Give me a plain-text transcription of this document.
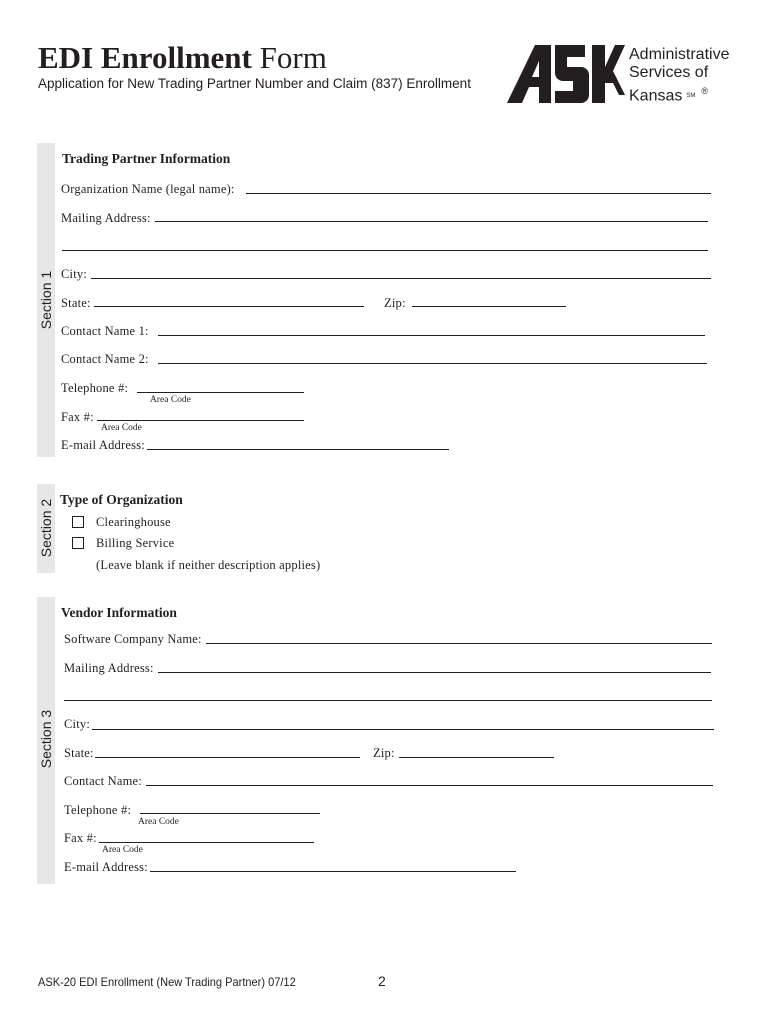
EDI Enrollment Form
Application for New Trading Partner Number and Claim (837) Enrollment
ASK
Administrative
Services of
Kansas SM®
Section 1
Trading Partner Information
Organization Name (legal name):
Mailing Address:
City:
State:	Zip:
Contact Name 1:
Contact Name 2:
Telephone #:
Area Code
Fax #:
Area Code
E-mail Address:
Section 2 Type of Organization
Clearinghouse
Billing Service
(Leave blank if neither description applies)
Section 3
Vendor Information
Software Company Name:
Mailing Address:
City:
State:	Zip:
Contact Name:
Telephone #:
Area Code
Fax #:
Area Code
E-mail Address:
ASK-20 EDI Enrollment (New Trading Partner) 07/12	2
